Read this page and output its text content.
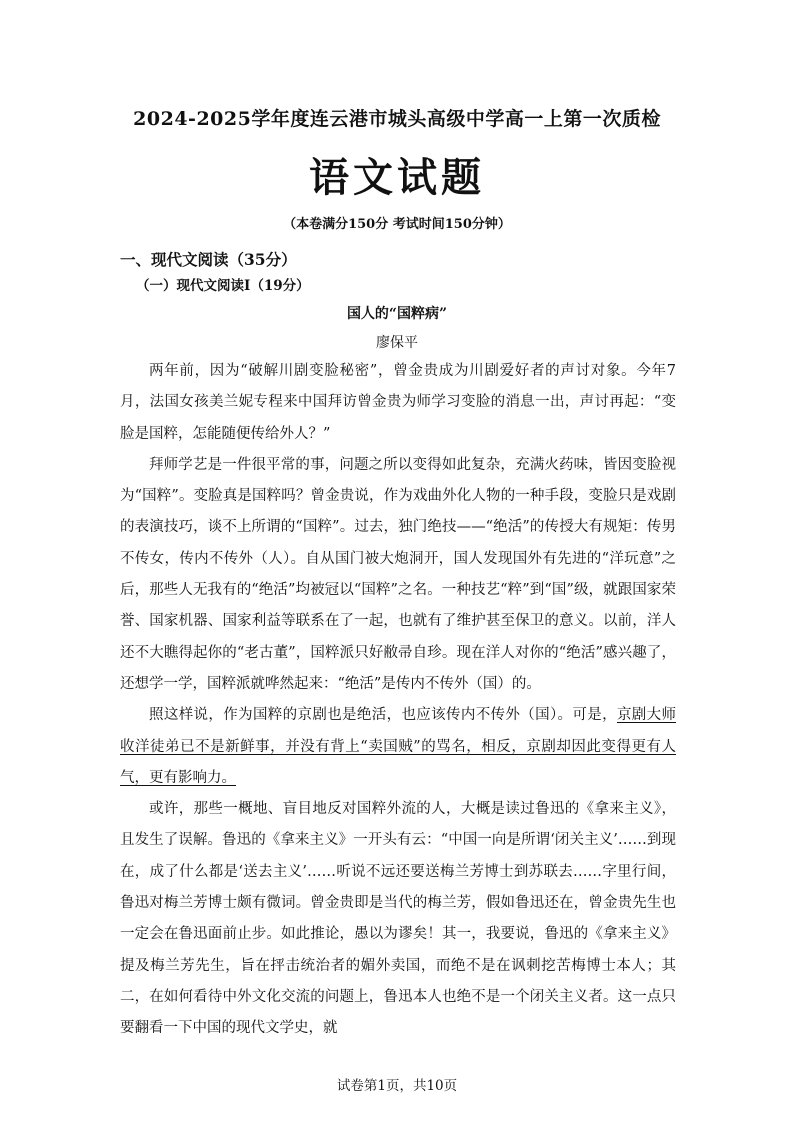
2024-2025学年度连云港市城头高级中学高一上第一次质检
语文试题
（本卷满分150分 考试时间150分钟）
一、现代文阅读（35分）
（一）现代文阅读I（19分）
国人的“国粹病”
廖保平

两年前，因为“破解川剧变脸秘密”，曾金贵成为川剧爱好者的声讨对象。今年7月，法国女孩美兰妮专程来中国拜访曾金贵为师学习变脸的消息一出，声讨再起：“变脸是国粹，怎能随便传给外人？”

拜师学艺是一件很平常的事，问题之所以变得如此复杂，充满火药味，皆因变脸视为“国粹”。变脸真是国粹吗？曾金贵说，作为戏曲外化人物的一种手段，变脸只是戏剧的表演技巧，谈不上所谓的“国粹”。过去，独门绝技——“绝活”的传授大有规矩：传男不传女，传内不传外（人）。自从国门被大炮洞开，国人发现国外有先进的“洋玩意”之后，那些人无我有的“绝活”均被冠以“国粹”之名。一种技艺“粹”到“国”级，就跟国家荣誉、国家机器、国家利益等联系在了一起，也就有了维护甚至保卫的意义。以前，洋人还不大瞧得起你的“老古董”，国粹派只好敝帚自珍。现在洋人对你的“绝活”感兴趣了，还想学一学，国粹派就哗然起来：“绝活”是传内不传外（国）的。

照这样说，作为国粹的京剧也是绝活，也应该传内不传外（国）。可是，京剧大师收洋徒弟已不是新鲜事，并没有背上“卖国贼”的骂名，相反，京剧却因此变得更有人气，更有影响力。

或许，那些一概地、盲目地反对国粹外流的人，大概是读过鲁迅的《拿来主义》，且发生了误解。鲁迅的《拿来主义》一开头有云：“中国一向是所谓‘闭关主义’……到现在，成了什么都是‘送去主义’……听说不远还要送梅兰芳博士到苏联去……字里行间，鲁迅对梅兰芳博士颇有微词。曾金贵即是当代的梅兰芳，假如鲁迅还在，曾金贵先生也一定会在鲁迅面前止步。如此推论，愚以为谬矣！其一，我要说，鲁迅的《拿来主义》提及梅兰芳先生，旨在抨击统治者的媚外卖国，而绝不是在讽刺挖苦梅博士本人；其二，在如何看待中外文化交流的问题上，鲁迅本人也绝不是一个闭关主义者。这一点只要翻看一下中国的现代文学史，就

试卷第1页，共10页
